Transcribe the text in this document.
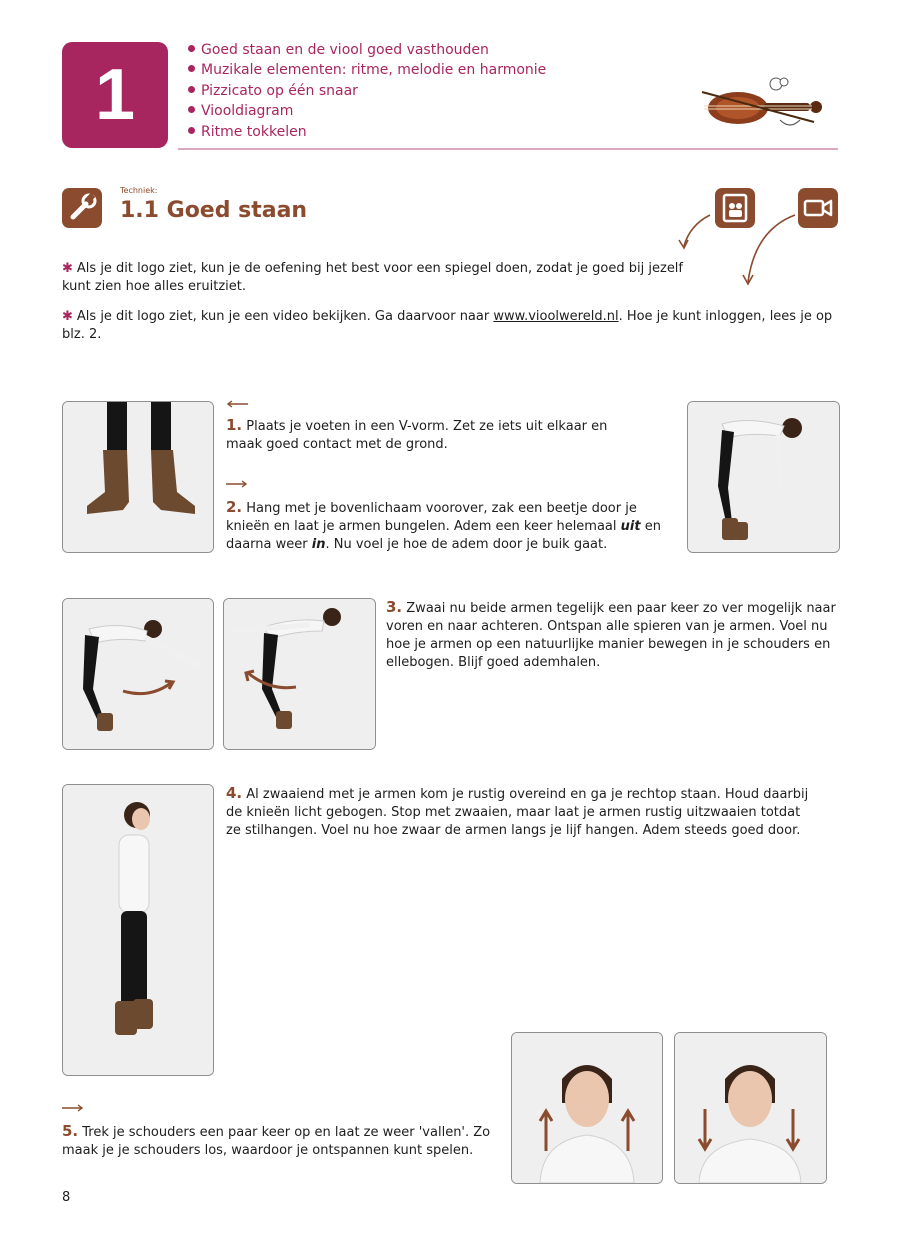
1
Goed staan en de viool goed vasthouden
Muzikale elementen: ritme, melodie en harmonie
Pizzicato op één snaar
Viooldiagram
Ritme tokkelen
Techniek:
1.1 Goed staan
✱ Als je dit logo ziet, kun je de oefening het best voor een spiegel doen, zodat je goed bij jezelf kunt zien hoe alles eruitziet.
✱ Als je dit logo ziet, kun je een video bekijken. Ga daarvoor naar www.vioolwereld.nl. Hoe je kunt inloggen, lees je op blz. 2.
1. Plaats je voeten in een V-vorm. Zet ze iets uit elkaar en maak goed contact met de grond.
2. Hang met je bovenlichaam voorover, zak een beetje door je knieën en laat je armen bungelen. Adem een keer helemaal uit en daarna weer in. Nu voel je hoe de adem door je buik gaat.
3. Zwaai nu beide armen tegelijk een paar keer zo ver mogelijk naar voren en naar achteren. Ontspan alle spieren van je armen. Voel nu hoe je armen op een natuurlijke manier bewegen in je schouders en ellebogen. Blijf goed ademhalen.
4. Al zwaaiend met je armen kom je rustig overeind en ga je rechtop staan. Houd daarbij de knieën licht gebogen. Stop met zwaaien, maar laat je armen rustig uitzwaaien totdat ze stilhangen. Voel nu hoe zwaar de armen langs je lijf hangen. Adem steeds goed door.
5. Trek je schouders een paar keer op en laat ze weer 'vallen'. Zo maak je je schouders los, waardoor je ontspannen kunt spelen.
8
